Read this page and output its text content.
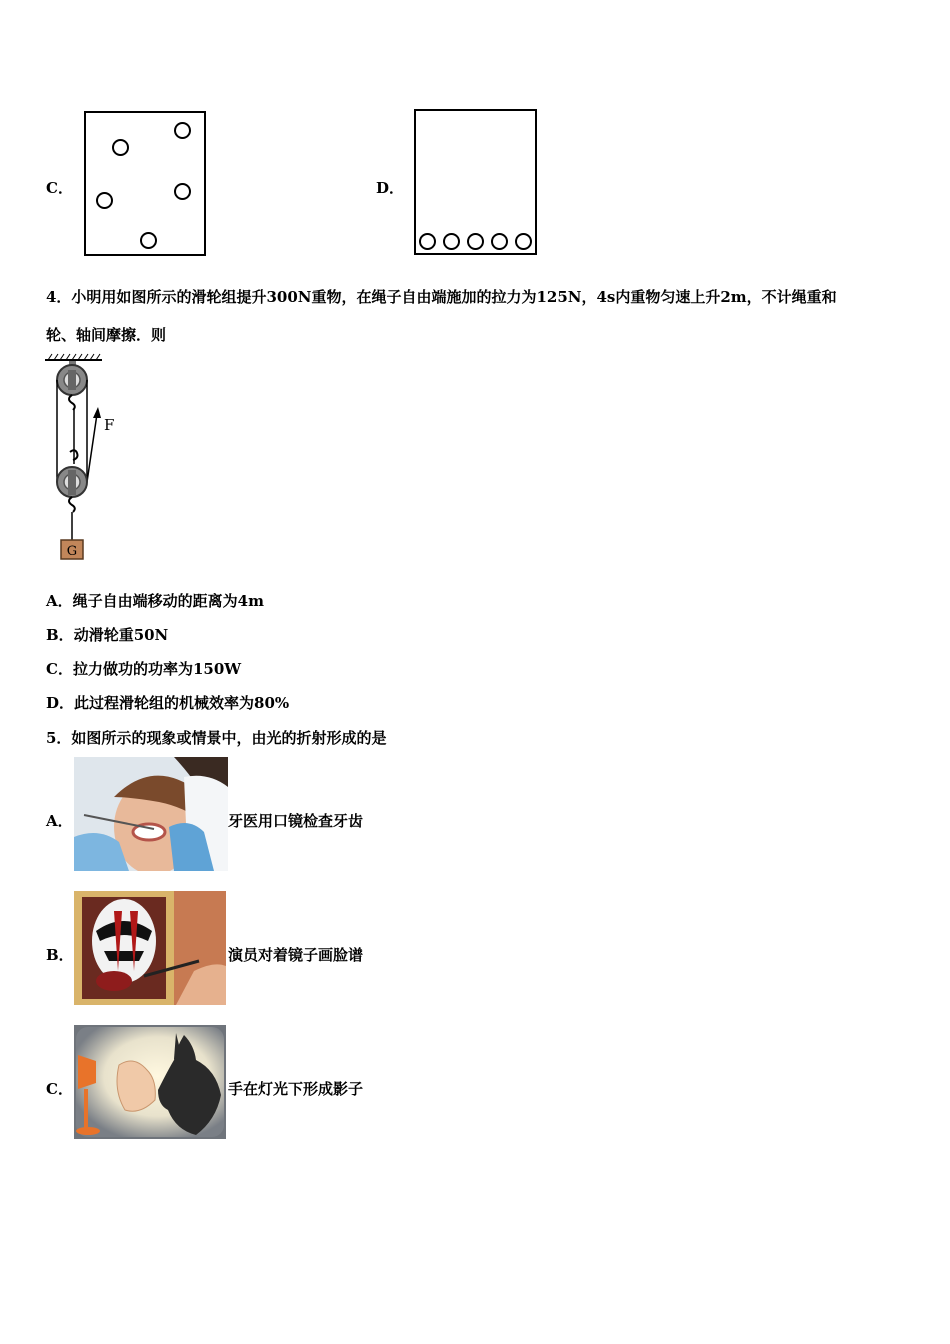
C．	D．
4．小明用如图所示的滑轮组提升300N重物，在绳子自由端施加的拉力为125N，4s内重物匀速上升2m，不计绳重和
轮、轴间摩擦．则
F
G
A．绳子自由端移动的距离为4m
B．动滑轮重50N
C．拉力做功的功率为150W
D．此过程滑轮组的机械效率为80%
5．如图所示的现象或情景中，由光的折射形成的是
A．	牙医用口镜检查牙齿
B．	演员对着镜子画脸谱
C．	手在灯光下形成影子
